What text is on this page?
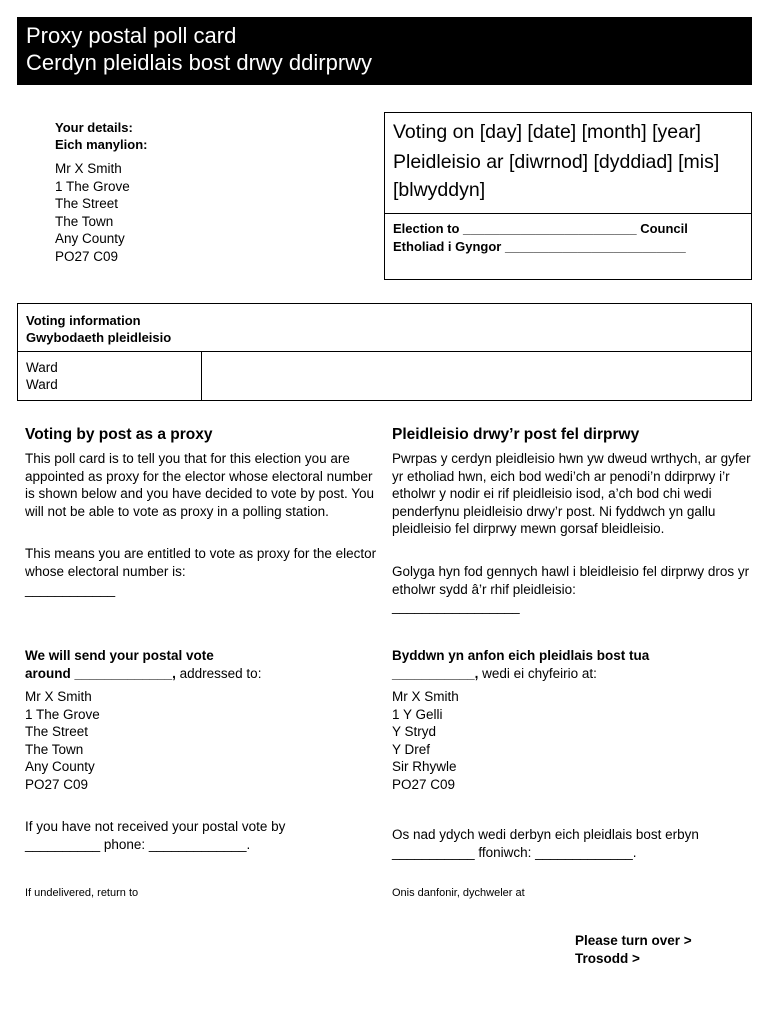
Proxy postal poll card
Cerdyn pleidlais bost drwy ddirprwy
Your details:
Eich manylion:
Mr X Smith
1 The Grove
The Street
The Town
Any County
PO27 C09
Voting on [day] [date] [month] [year]
Pleidleisio ar [diwrnod] [dyddiad] [mis] [blwyddyn]
Election to ________________________ Council
Etholiad i Gyngor _________________________
Voting information
Gwybodaeth pleidleisio
Ward
Ward
Voting by post as a proxy
This poll card is to tell you that for this election you are appointed as proxy for the elector whose electoral number is shown below and you have decided to vote by post. You will not be able to vote as proxy in a polling station.
This means you are entitled to vote as proxy for the elector whose electoral number is:
____________
We will send your postal vote
around _____________, addressed to:
Mr X Smith
1 The Grove
The Street
The Town
Any County
PO27 C09
If you have not received your postal vote by
__________ phone: _____________.
If undelivered, return to
Pleidleisio drwy’r post fel dirprwy
Pwrpas y cerdyn pleidleisio hwn yw dweud wrthych, ar gyfer yr etholiad hwn, eich bod wedi’ch ar penodi’n ddirprwy i’r etholwr y nodir ei rif pleidleisio isod, a’ch bod chi wedi penderfynu pleidleisio drwy’r post. Ni fyddwch yn gallu pleidleisio fel dirprwy mewn gorsaf bleidleisio.
Golyga hyn fod gennych hawl i bleidleisio fel dirprwy dros yr etholwr sydd â’r rhif pleidleisio:
_________________
Byddwn yn anfon eich pleidlais bost tua
___________, wedi ei chyfeirio at:
Mr X Smith
1 Y Gelli
Y Stryd
Y Dref
Sir Rhywle
PO27 C09
Os nad ydych wedi derbyn eich pleidlais bost erbyn
___________ ffoniwch: _____________.
Onis danfonir, dychweler at
Please turn over >
Trosodd >
